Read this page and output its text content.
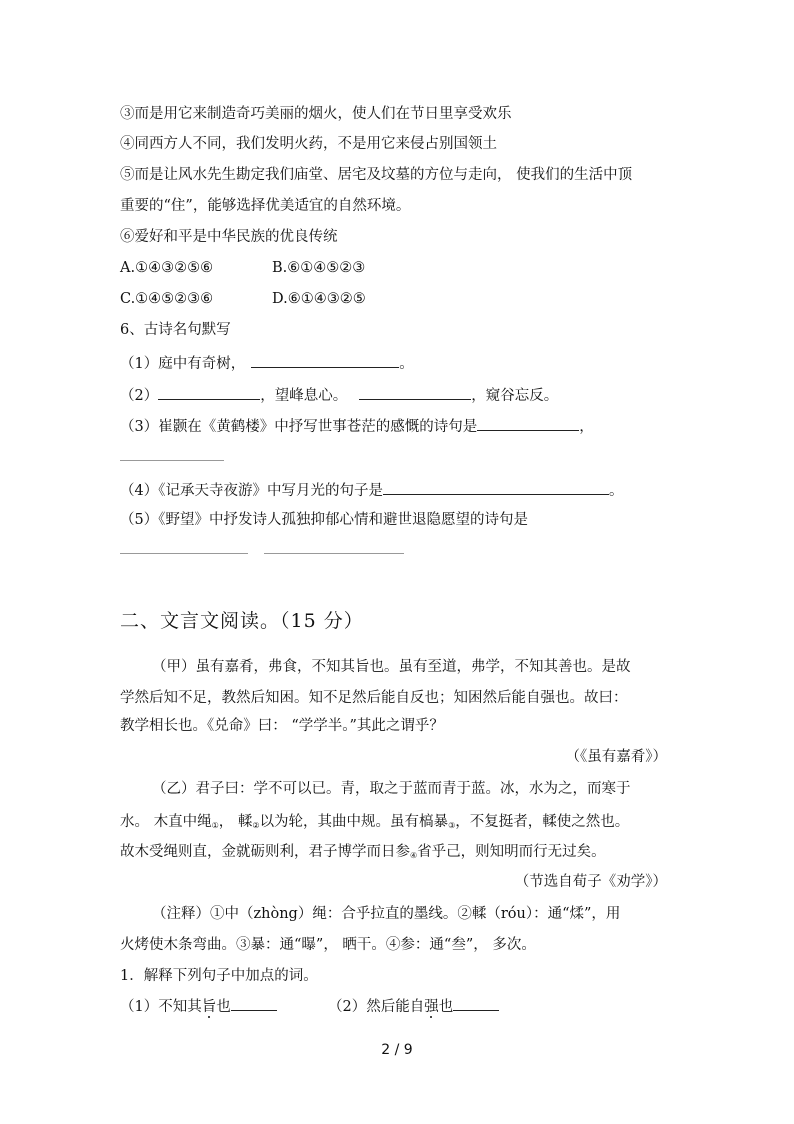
③而是用它来制造奇巧美丽的烟火，使人们在节日里享受欢乐
④同西方人不同，我们发明火药，不是用它来侵占别国领土
⑤而是让风水先生勘定我们庙堂、居宅及坟墓的方位与走向， 使我们的生活中顶
重要的“住”，能够选择优美适宜的自然环境。
⑥爱好和平是中华民族的优良传统
A.①④③②⑤⑥	B.⑥①④⑤②③
C.①④⑤②③⑥	D.⑥①④③②⑤
6、古诗名句默写
（1）庭中有奇树，	。
（2）	，望峰息心。	，窥谷忘反。
（3）崔颢在《黄鹤楼》中抒写世事苍茫的感慨的诗句是	，
（4）《记承天寺夜游》中写月光的句子是	。
（5）《野望》中抒发诗人孤独抑郁心情和避世退隐愿望的诗句是
二、文言文阅读。（15 分）
（甲）虽有嘉肴，弗食，不知其旨也。虽有至道，弗学，不知其善也。是故
学然后知不足，教然后知困。知不足然后能自反也；知困然后能自强也。故曰：
教学相长也。《兑命》曰： “学学半。”其此之谓乎？
（《虽有嘉肴》）
（乙）君子曰：学不可以已。青，取之于蓝而青于蓝。冰，水为之，而寒于
水。 木直中绳$_①$， 輮$_②$以为轮，其曲中规。虽有槁暴$_③$，不复挺者，輮使之然也。
故木受绳则直，金就砺则利，君子博学而日参$_④$省乎己，则知明而行无过矣。
（节选自荀子《劝学》）
（注释）①中（zhòng）绳：合乎拉直的墨线。②輮（róu）：通“煣”，用
火烤使木条弯曲。③暴：通“曝”， 晒干。④参：通“叁”， 多次。
1．解释下列句子中加点的词。
（1）不知其旨也	（2）然后能自强也
2 / 9
